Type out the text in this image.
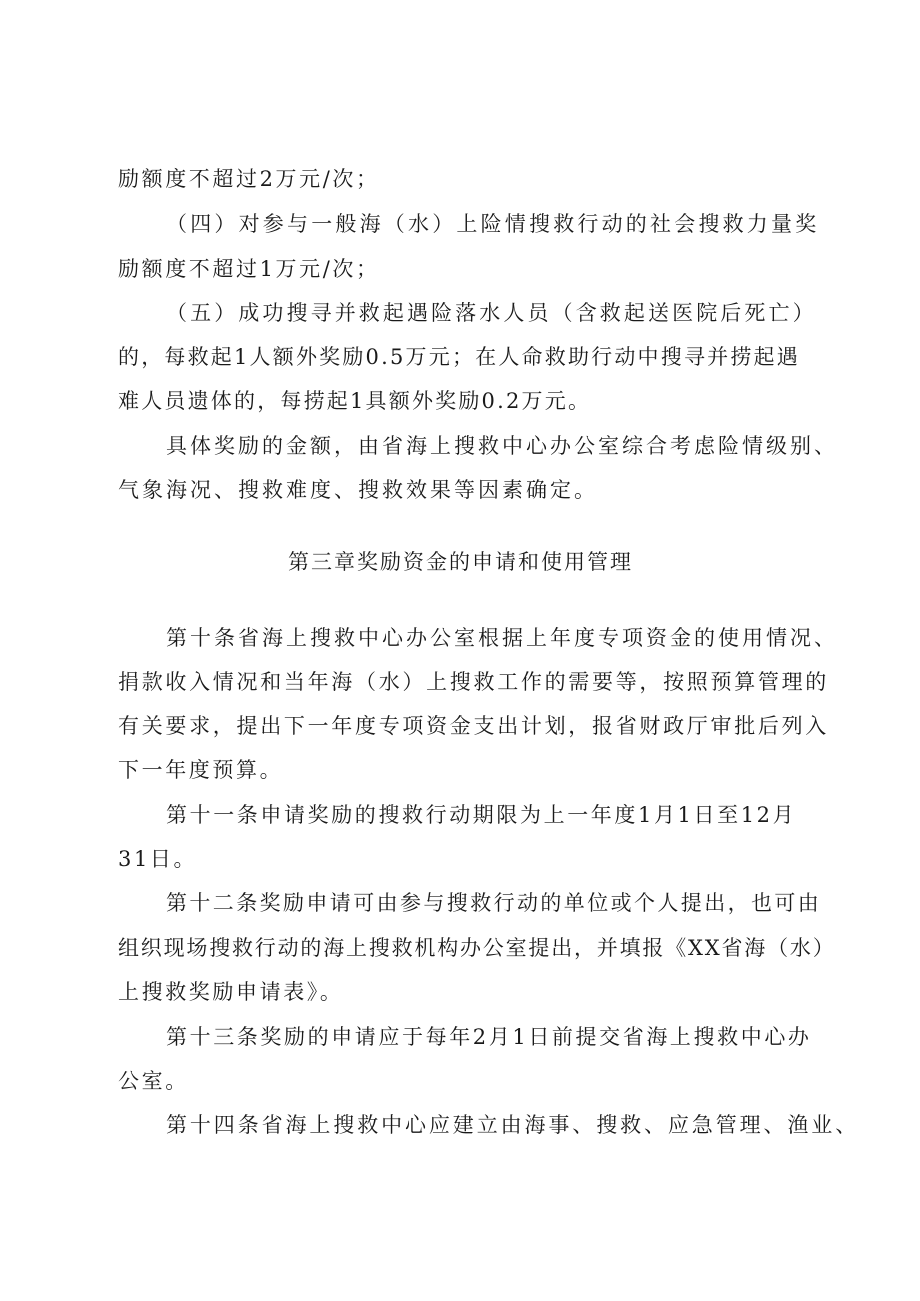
励额度不超过2万元/次；
（四）对参与一般海（水）上险情搜救行动的社会搜救力量奖
励额度不超过1万元/次；
（五）成功搜寻并救起遇险落水人员（含救起送医院后死亡）
的，每救起1人额外奖励0.5万元；在人命救助行动中搜寻并捞起遇
难人员遗体的，每捞起1具额外奖励0.2万元。
具体奖励的金额，由省海上搜救中心办公室综合考虑险情级别、
气象海况、搜救难度、搜救效果等因素确定。
第三章奖励资金的申请和使用管理
第十条省海上搜救中心办公室根据上年度专项资金的使用情况、
捐款收入情况和当年海（水）上搜救工作的需要等，按照预算管理的
有关要求，提出下一年度专项资金支出计划，报省财政厅审批后列入
下一年度预算。
第十一条申请奖励的搜救行动期限为上一年度1月1日至12月
31日。
第十二条奖励申请可由参与搜救行动的单位或个人提出，也可由
组织现场搜救行动的海上搜救机构办公室提出，并填报《XX省海（水）
上搜救奖励申请表》。
第十三条奖励的申请应于每年2月1日前提交省海上搜救中心办
公室。
第十四条省海上搜救中心应建立由海事、搜救、应急管理、渔业、
